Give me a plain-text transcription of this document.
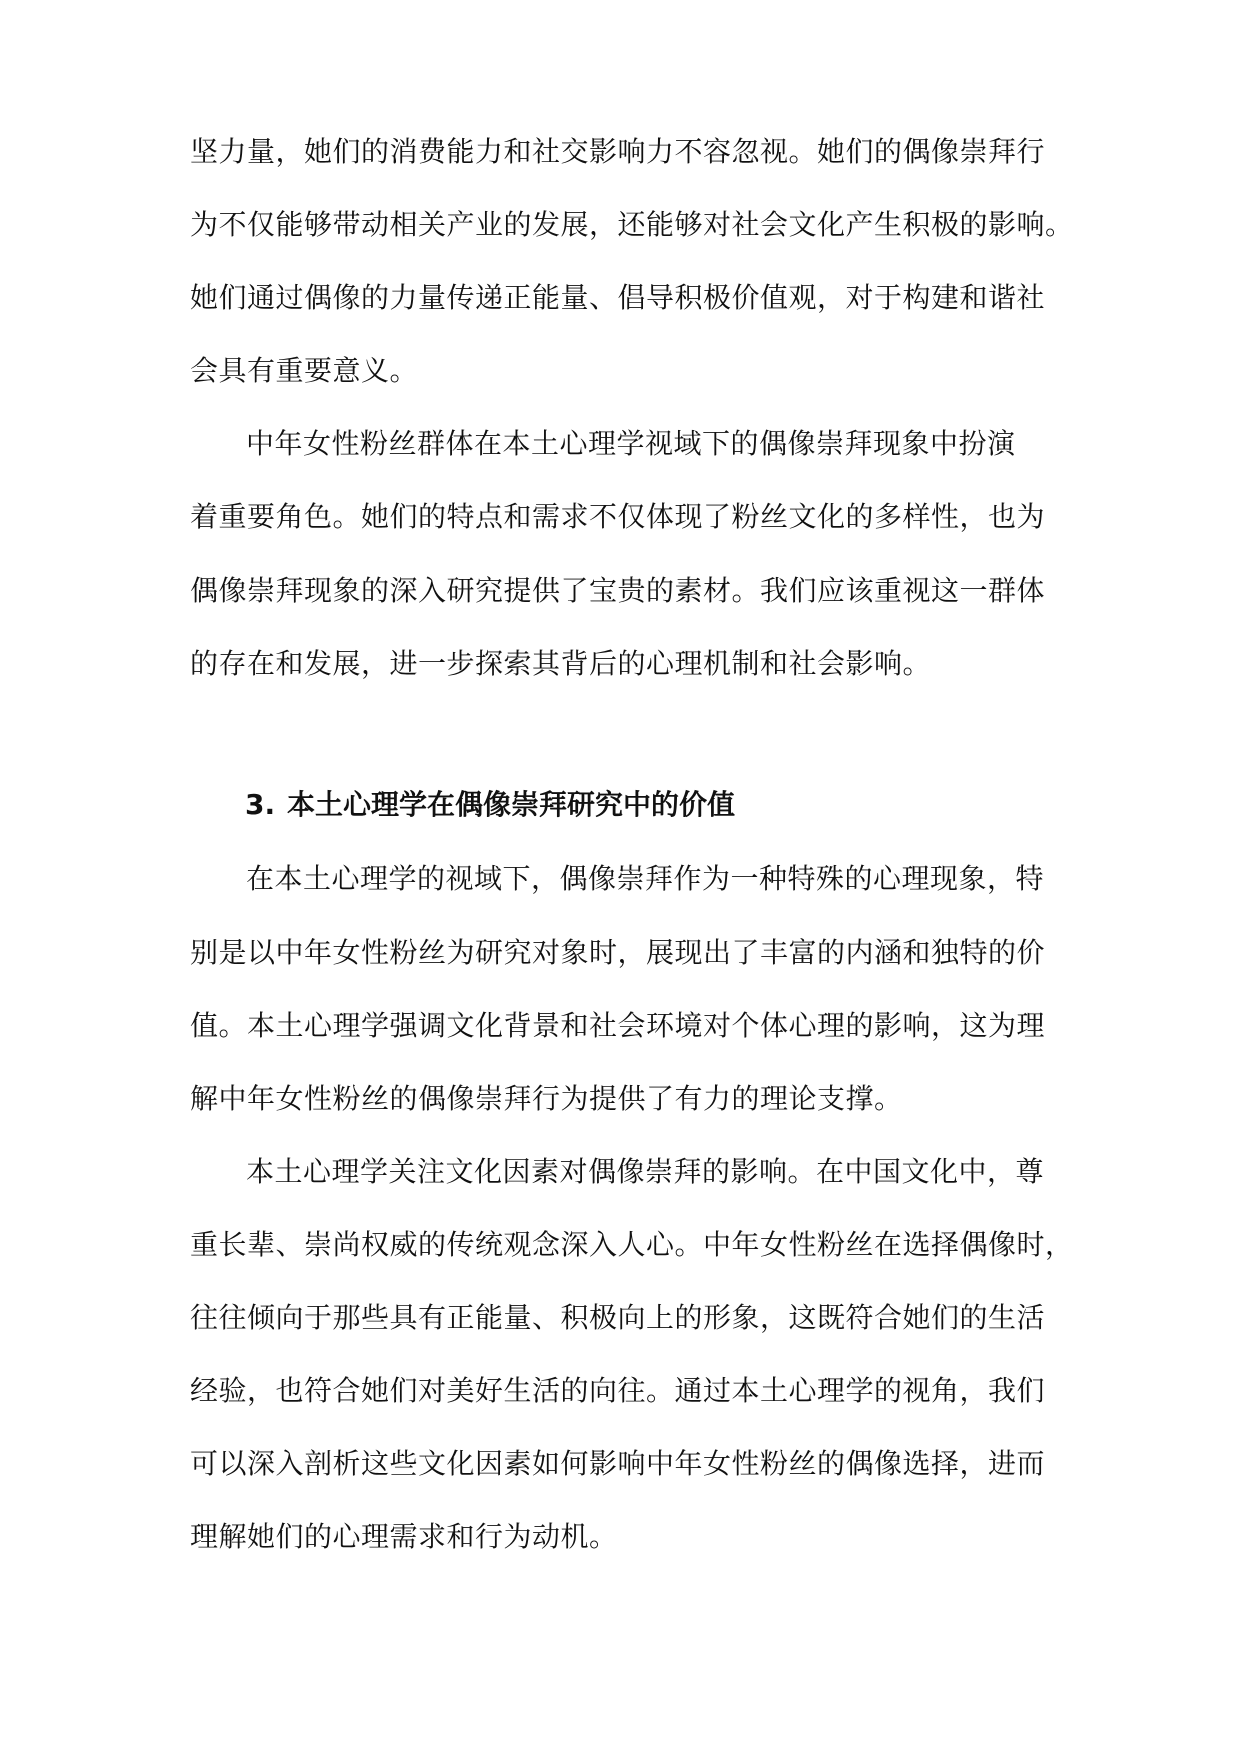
坚力量，她们的消费能力和社交影响力不容忽视。她们的偶像崇拜行
为不仅能够带动相关产业的发展，还能够对社会文化产生积极的影响。
她们通过偶像的力量传递正能量、倡导积极价值观，对于构建和谐社
会具有重要意义。
中年女性粉丝群体在本土心理学视域下的偶像崇拜现象中扮演
着重要角色。她们的特点和需求不仅体现了粉丝文化的多样性，也为
偶像崇拜现象的深入研究提供了宝贵的素材。我们应该重视这一群体
的存在和发展，进一步探索其背后的心理机制和社会影响。
3. 本土心理学在偶像崇拜研究中的价值
在本土心理学的视域下，偶像崇拜作为一种特殊的心理现象，特
别是以中年女性粉丝为研究对象时，展现出了丰富的内涵和独特的价
值。本土心理学强调文化背景和社会环境对个体心理的影响，这为理
解中年女性粉丝的偶像崇拜行为提供了有力的理论支撑。
本土心理学关注文化因素对偶像崇拜的影响。在中国文化中，尊
重长辈、崇尚权威的传统观念深入人心。中年女性粉丝在选择偶像时，
往往倾向于那些具有正能量、积极向上的形象，这既符合她们的生活
经验，也符合她们对美好生活的向往。通过本土心理学的视角，我们
可以深入剖析这些文化因素如何影响中年女性粉丝的偶像选择，进而
理解她们的心理需求和行为动机。
